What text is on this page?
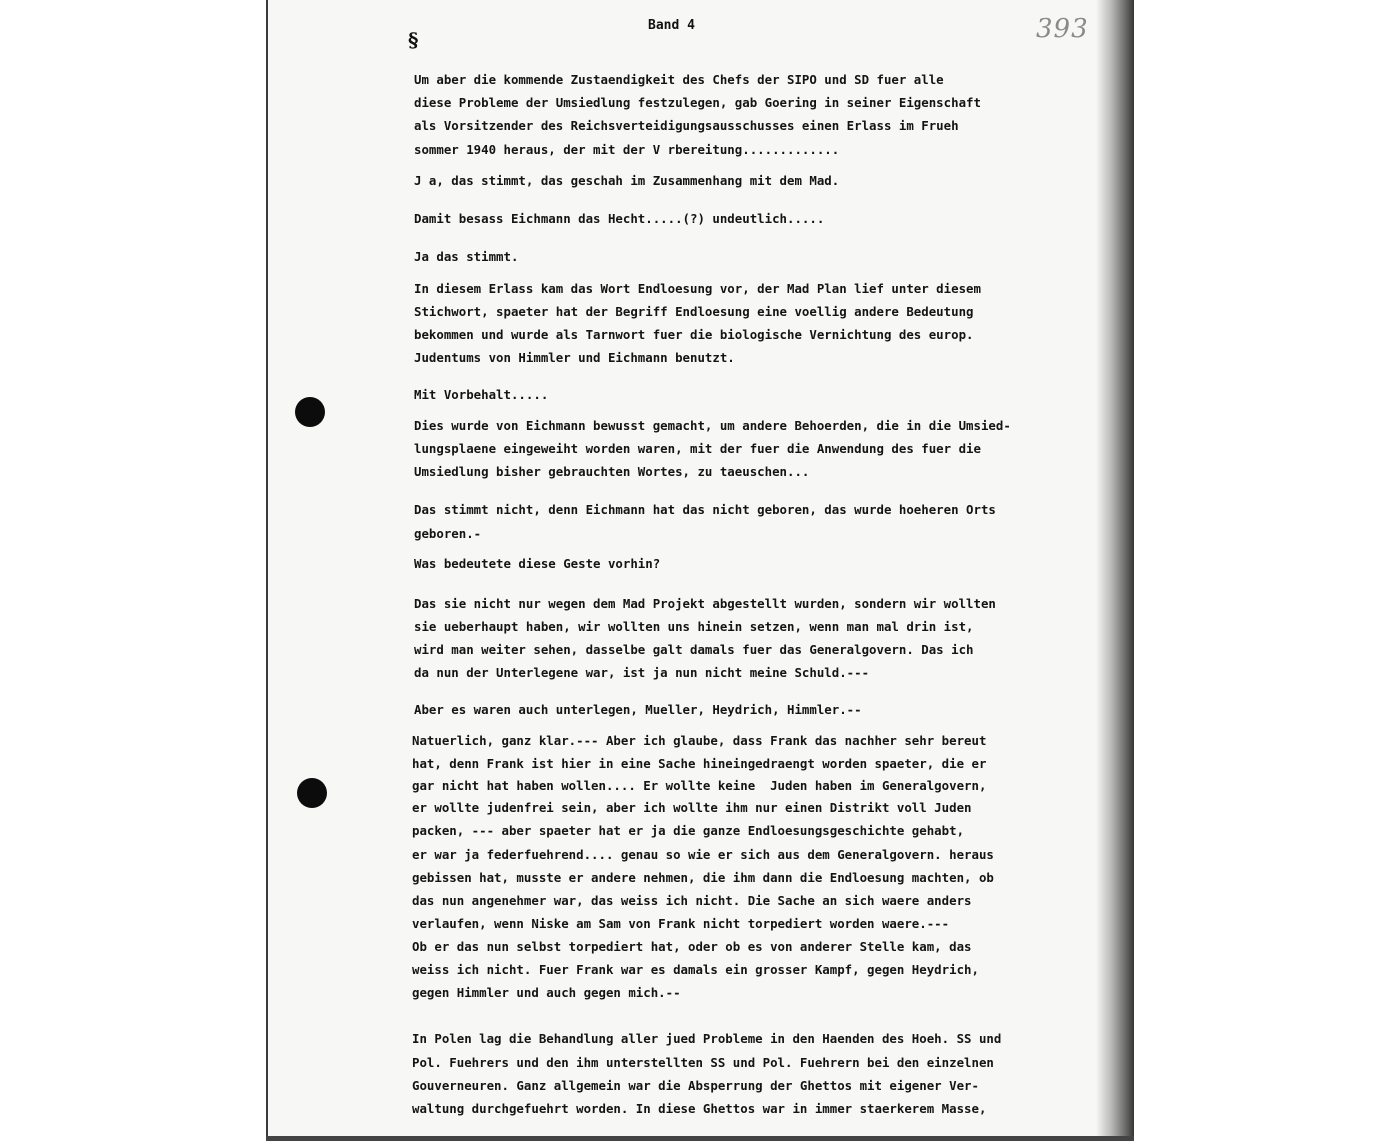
§
Band 4	393
Um aber die kommende Zustaendigkeit des Chefs der SIPO und SD fuer alle
diese Probleme der Umsiedlung festzulegen, gab Goering in seiner Eigenschaft
als Vorsitzender des Reichsverteidigungsausschusses einen Erlass im Frueh
sommer 1940 heraus, der mit der V rbereitung.............
J a, das stimmt, das geschah im Zusammenhang mit dem Mad.
Damit besass Eichmann das Hecht.....(?) undeutlich.....
Ja das stimmt.
In diesem Erlass kam das Wort Endloesung vor, der Mad Plan lief unter diesem
Stichwort, spaeter hat der Begriff Endloesung eine voellig andere Bedeutung
bekommen und wurde als Tarnwort fuer die biologische Vernichtung des europ.
Judentums von Himmler und Eichmann benutzt.
Mit Vorbehalt.....
Dies wurde von Eichmann bewusst gemacht, um andere Behoerden, die in die Umsied-
lungsplaene eingeweiht worden waren, mit der fuer die Anwendung des fuer die
Umsiedlung bisher gebrauchten Wortes, zu taeuschen...
Das stimmt nicht, denn Eichmann hat das nicht geboren, das wurde hoeheren Orts
geboren.-
Was bedeutete diese Geste vorhin?
Das sie nicht nur wegen dem Mad Projekt abgestellt wurden, sondern wir wollten
sie ueberhaupt haben, wir wollten uns hinein setzen, wenn man mal drin ist,
wird man weiter sehen, dasselbe galt damals fuer das Generalgovern. Das ich
da nun der Unterlegene war, ist ja nun nicht meine Schuld.---
Aber es waren auch unterlegen, Mueller, Heydrich, Himmler.--
Natuerlich, ganz klar.--- Aber ich glaube, dass Frank das nachher sehr bereut
hat, denn Frank ist hier in eine Sache hineingedraengt worden spaeter, die er
gar nicht hat haben wollen.... Er wollte keine  Juden haben im Generalgovern,
er wollte judenfrei sein, aber ich wollte ihm nur einen Distrikt voll Juden
packen, --- aber spaeter hat er ja die ganze Endloesungsgeschichte gehabt,
er war ja federfuehrend.... genau so wie er sich aus dem Generalgovern. heraus
gebissen hat, musste er andere nehmen, die ihm dann die Endloesung machten, ob
das nun angenehmer war, das weiss ich nicht. Die Sache an sich waere anders
verlaufen, wenn Niske am Sam von Frank nicht torpediert worden waere.---
Ob er das nun selbst torpediert hat, oder ob es von anderer Stelle kam, das
weiss ich nicht. Fuer Frank war es damals ein grosser Kampf, gegen Heydrich,
gegen Himmler und auch gegen mich.--
In Polen lag die Behandlung aller jued Probleme in den Haenden des Hoeh. SS und
Pol. Fuehrers und den ihm unterstellten SS und Pol. Fuehrern bei den einzelnen
Gouverneuren. Ganz allgemein war die Absperrung der Ghettos mit eigener Ver-
waltung durchgefuehrt worden. In diese Ghettos war in immer staerkerem Masse,
